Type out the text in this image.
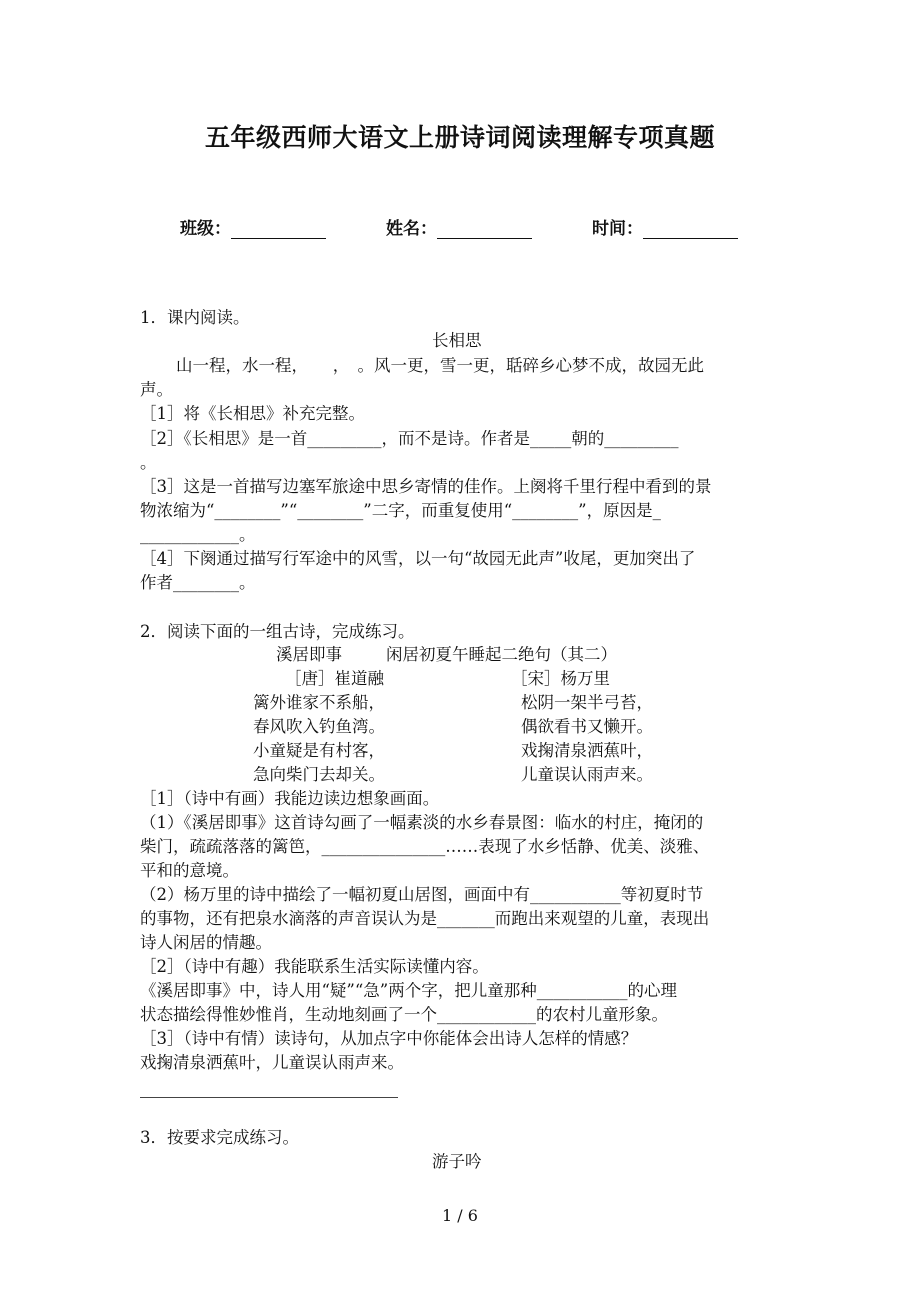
五年级西师大语文上册诗词阅读理解专项真题
班级：	姓名：	时间：
1．课内阅读。
长相思
山一程，水一程，　　，　。风一更，雪一更，聒碎乡心梦不成，故园无此
声。
［1］将《长相思》补充完整。
［2］《长相思》是一首_________，而不是诗。作者是_____朝的_________
。
［3］这是一首描写边塞军旅途中思乡寄情的佳作。上阕将千里行程中看到的景
物浓缩为“________”“________”二字，而重复使用“________”，原因是_
____________。
［4］下阕通过描写行军途中的风雪，以一句“故园无此声”收尾，更加突出了
作者________。
2．阅读下面的一组古诗，完成练习。
溪居即事	闲居初夏午睡起二绝句（其二）
［唐］崔道融	［宋］杨万里
篱外谁家不系船，
春风吹入钓鱼湾。
小童疑是有村客，
急向柴门去却关。
松阴一架半弓苔，
偶欲看书又懒开。
戏掬清泉洒蕉叶，
儿童误认雨声来。
［1］（诗中有画）我能边读边想象画面。
（1）《溪居即事》这首诗勾画了一幅素淡的水乡春景图：临水的村庄，掩闭的
柴门，疏疏落落的篱笆，_______________……表现了水乡恬静、优美、淡雅、
平和的意境。
（2）杨万里的诗中描绘了一幅初夏山居图，画面中有___________等初夏时节
的事物，还有把泉水滴落的声音误认为是_______而跑出来观望的儿童，表现出
诗人闲居的情趣。
［2］（诗中有趣）我能联系生活实际读懂内容。
《溪居即事》中，诗人用“疑”“急”两个字，把儿童那种___________的心理
状态描绘得惟妙惟肖，生动地刻画了一个____________的农村儿童形象。
［3］（诗中有情）读诗句，从加点字中你能体会出诗人怎样的情感？
戏掬清泉洒蕉叶，儿童误认雨声来。
3．按要求完成练习。
游子吟
1 / 6
